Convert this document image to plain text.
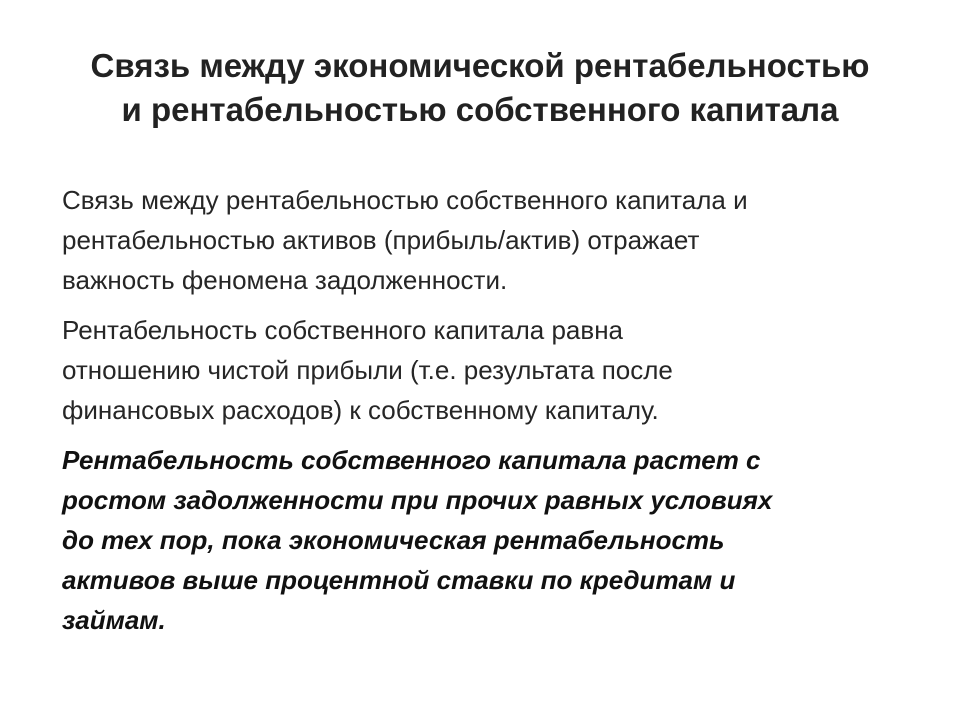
Связь между экономической рентабельностью
и рентабельностью собственного капитала

Связь между рентабельностью собственного капитала и
рентабельностью активов (прибыль/актив) отражает
важность феномена задолженности.

Рентабельность собственного капитала равна
отношению чистой прибыли (т.е. результата после
финансовых расходов) к собственному капиталу.

Рентабельность собственного капитала растет с
ростом задолженности при прочих равных условиях
до тех пор, пока экономическая рентабельность
активов выше процентной ставки по кредитам и
займам.
